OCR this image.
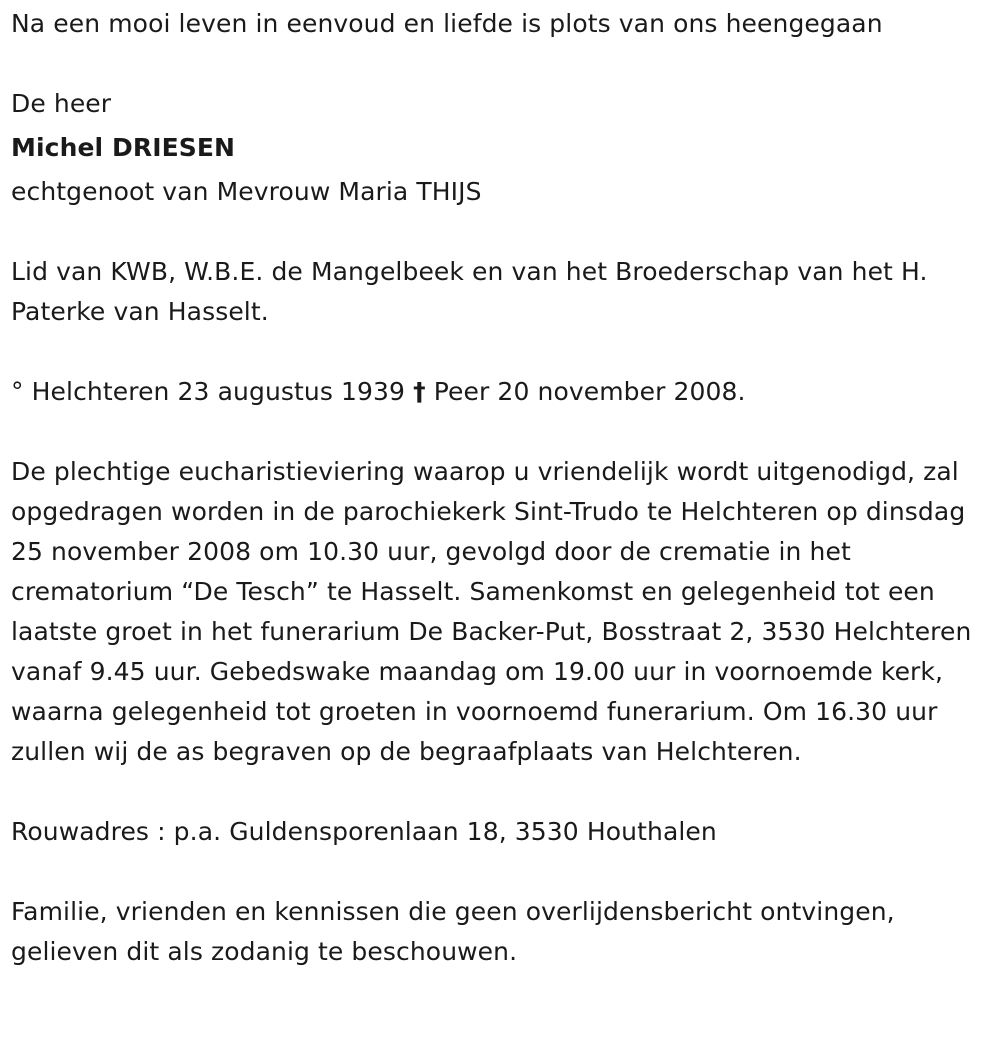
Na een mooi leven in eenvoud en liefde is plots van ons heengegaan

De heer

Michel DRIESEN

echtgenoot van Mevrouw Maria THIJS

Lid van KWB, W.B.E. de Mangelbeek en van het Broederschap van het H. Paterke van Hasselt.

° Helchteren 23 augustus 1939 † Peer 20 november 2008.

De plechtige eucharistieviering waarop u vriendelijk wordt uitgenodigd, zal opgedragen worden in de parochiekerk Sint-Trudo te Helchteren op dinsdag 25 november 2008 om 10.30 uur, gevolgd door de crematie in het crematorium “De Tesch” te Hasselt. Samenkomst en gelegenheid tot een laatste groet in het funerarium De Backer-Put, Bosstraat 2, 3530 Helchteren vanaf 9.45 uur. Gebedswake maandag om 19.00 uur in voornoemde kerk, waarna gelegenheid tot groeten in voornoemd funerarium. Om 16.30 uur zullen wij de as begraven op de begraafplaats van Helchteren.

Rouwadres : p.a. Guldensporenlaan 18, 3530 Houthalen

Familie, vrienden en kennissen die geen overlijdensbericht ontvingen, gelieven dit als zodanig te beschouwen.
